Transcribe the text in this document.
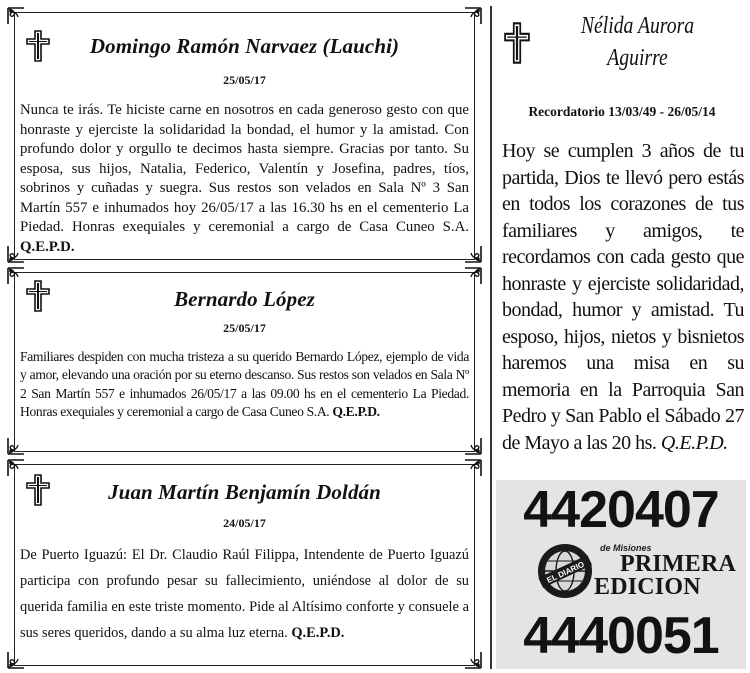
Domingo Ramón Narvaez (Lauchi)
25/05/17
Nunca te irás. Te hiciste carne en nosotros en cada generoso gesto con que honraste y ejerciste la solidaridad la bondad, el humor y la amistad. Con profundo dolor y orgullo te decimos hasta siempre. Gracias por tanto. Su esposa, sus hijos, Natalia, Federico, Valentín y Josefina, padres, tíos, sobrinos y cuñadas y suegra. Sus restos son velados en Sala Nº 3 San Martín 557 e inhumados hoy 26/05/17 a las 16.30 hs en el cementerio La Piedad. Honras exequiales y ceremonial a cargo de Casa Cuneo S.A. Q.E.P.D.
Bernardo López
25/05/17
Familiares despiden con mucha tristeza a su querido Bernardo López, ejemplo de vida y amor, elevando una oración por su eterno descanso. Sus restos son velados en Sala Nº 2 San Martín 557 e inhumados 26/05/17 a las 09.00 hs en el cementerio La Piedad. Honras exequiales y ceremonial a cargo de Casa Cuneo S.A. Q.E.P.D.
Juan Martín Benjamín Doldán
24/05/17
De Puerto Iguazú: El Dr. Claudio Raúl Filippa, Intendente de Puerto Iguazú participa con profundo pesar su fallecimiento, uniéndose al dolor de su querida familia en este triste momento. Pide al Altísimo conforte y consuele a sus seres queridos, dando a su alma luz eterna. Q.E.P.D.
Nélida Aurora
Aguirre
Recordatorio 13/03/49 - 26/05/14
Hoy se cumplen 3 años de tu partida, Dios te llevó pero estás en todos los corazones de tus familiares y amigos, te recordamos con cada gesto que honraste y ejerciste solidaridad, bondad, humor y amistad. Tu esposo, hijos, nietos y bisnietos haremos una misa en su memoria en la Parroquia San Pedro y San Pablo el Sábado 27 de Mayo a las 20 hs. Q.E.P.D.
4420407
EL DIARIO
de Misiones
PRIMERA
EDICION
4440051
